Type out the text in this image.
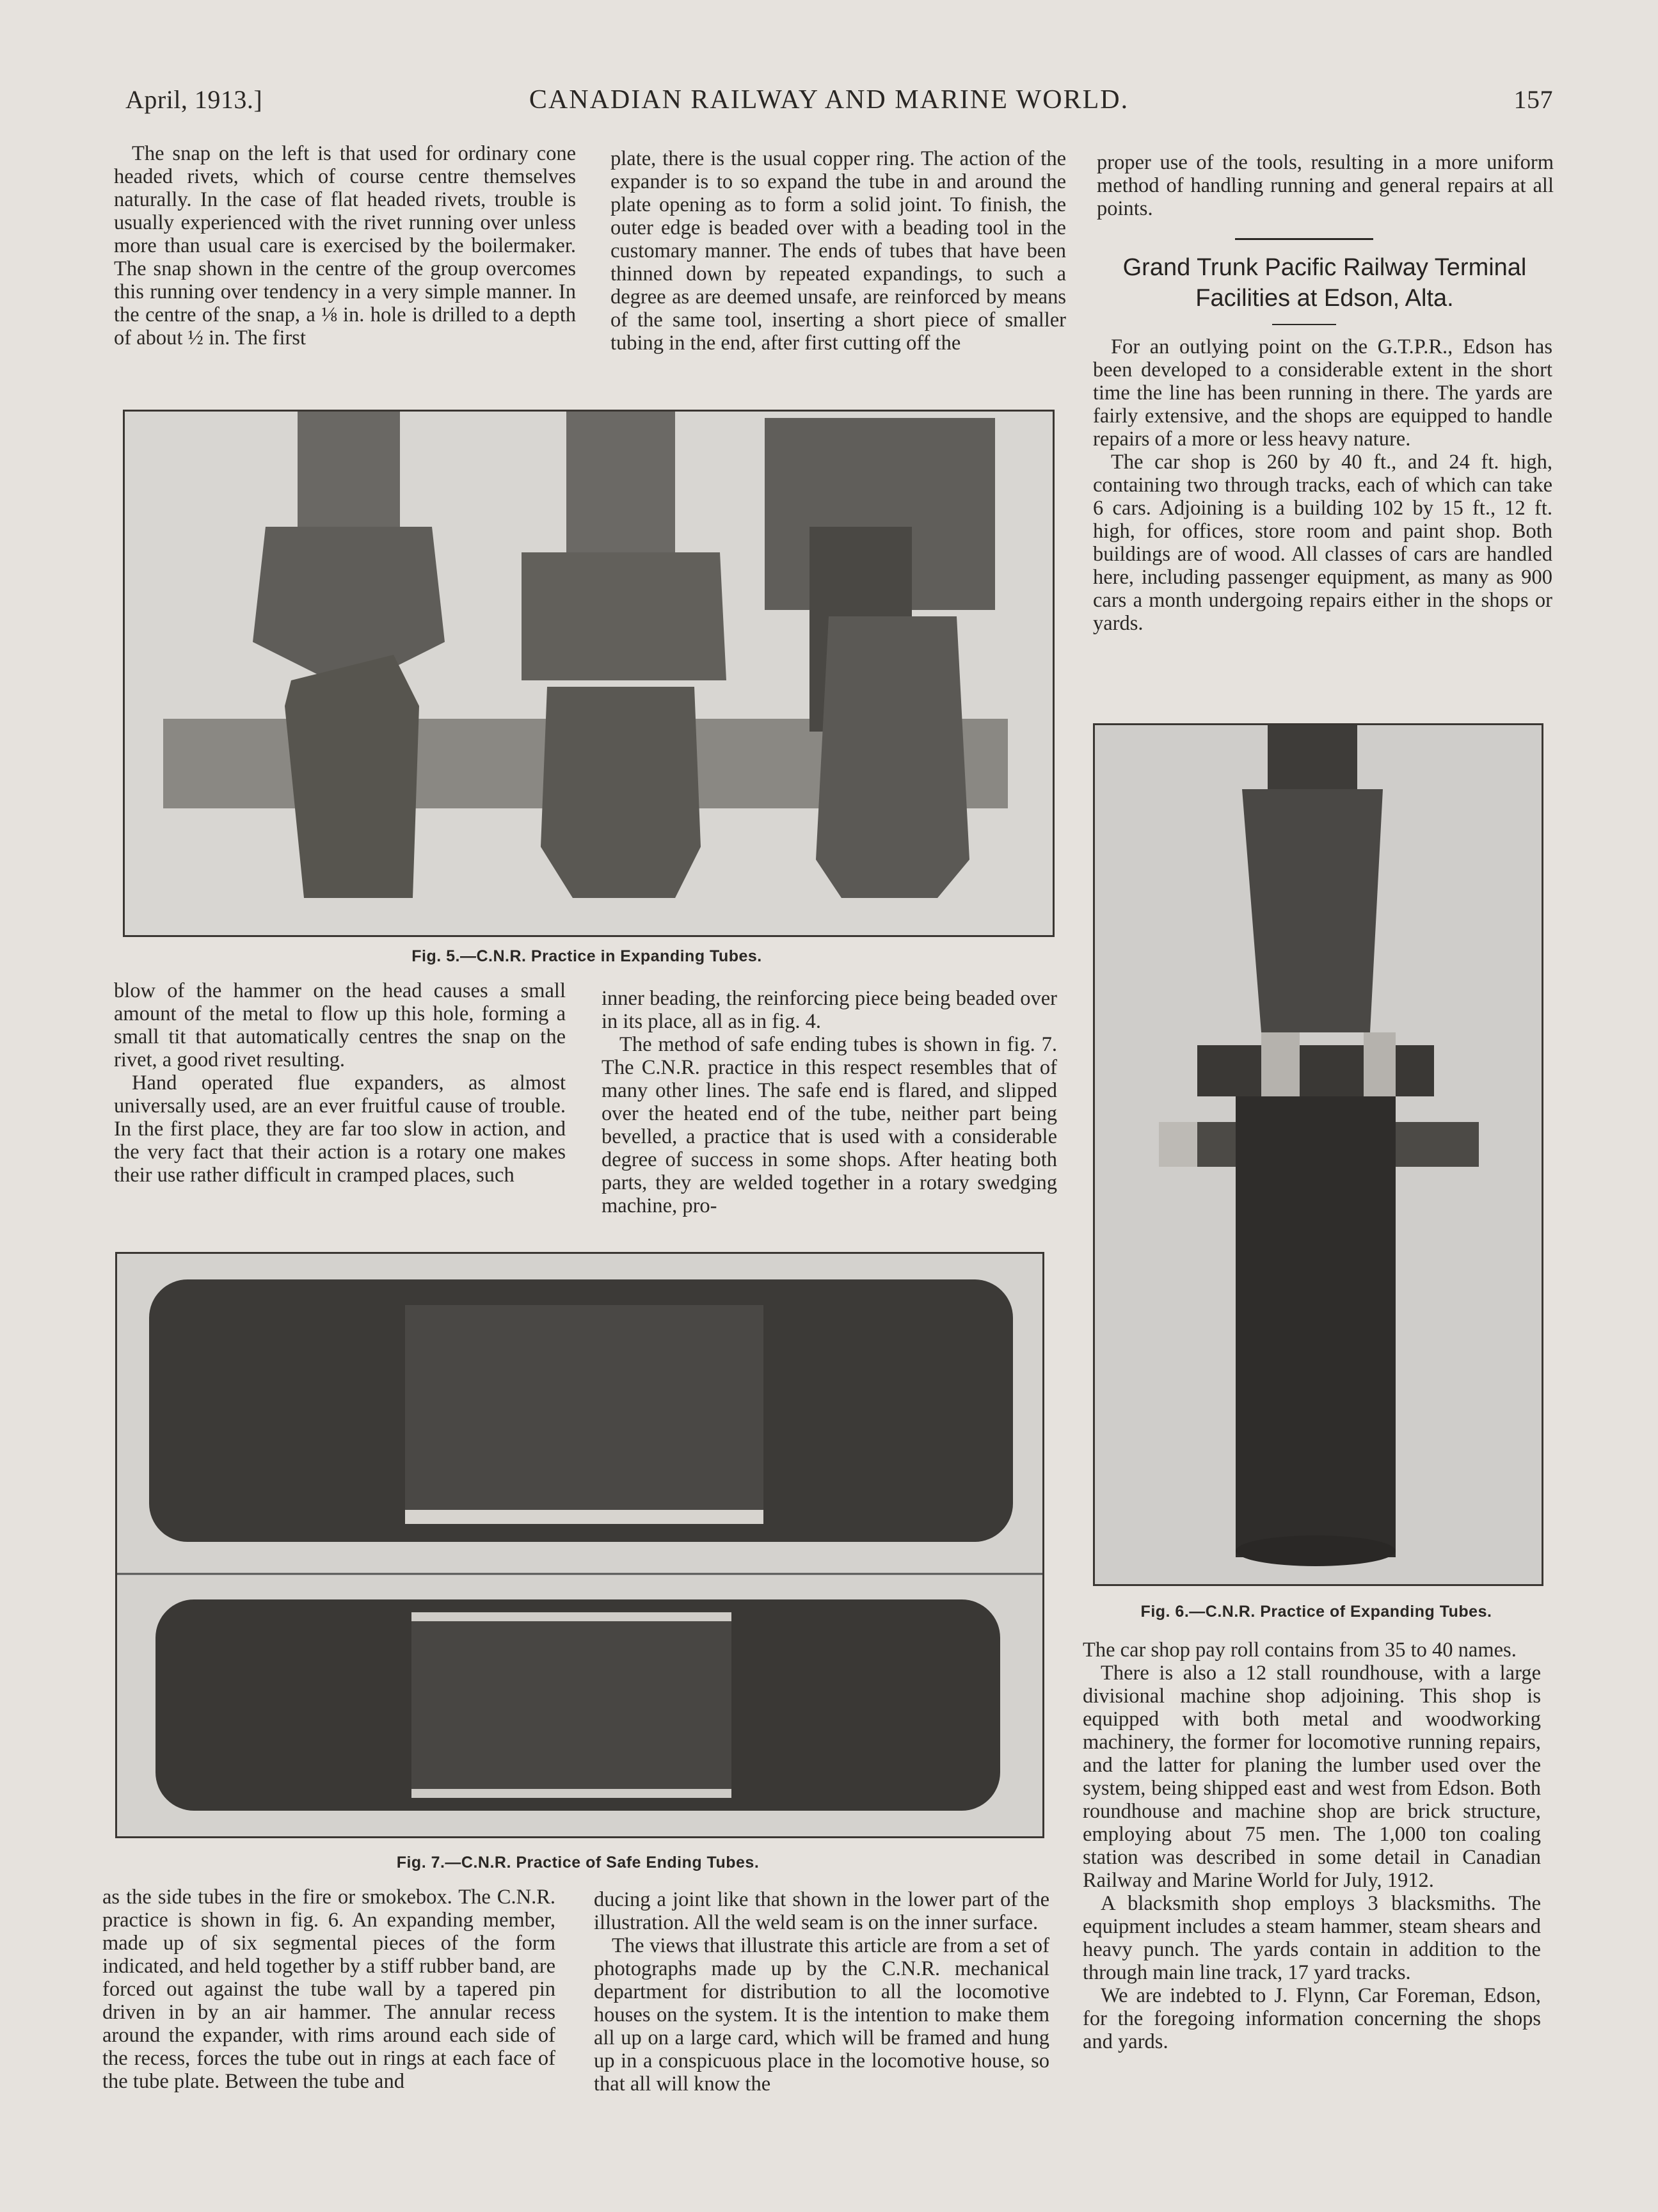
April, 1913.]	CANADIAN RAILWAY AND MARINE WORLD.	157

The snap on the left is that used for ordinary cone headed rivets, which of course centre themselves naturally. In the case of flat headed rivets, trouble is usually experienced with the rivet running over unless more than usual care is exercised by the boilermaker. The snap shown in the centre of the group overcomes this running over tendency in a very simple manner. In the centre of the snap, a ⅛ in. hole is drilled to a depth of about ½ in. The first

plate, there is the usual copper ring. The action of the expander is to so expand the tube in and around the plate opening as to form a solid joint. To finish, the outer edge is beaded over with a beading tool in the customary manner. The ends of tubes that have been thinned down by repeated expandings, to such a degree as are deemed unsafe, are reinforced by means of the same tool, inserting a short piece of smaller tubing in the end, after first cutting off the

proper use of the tools, resulting in a more uniform method of handling running and general repairs at all points.

Grand Trunk Pacific Railway Terminal Facilities at Edson, Alta.

For an outlying point on the G.T.P.R., Edson has been developed to a considerable extent in the short time the line has been running in there. The yards are fairly extensive, and the shops are equipped to handle repairs of a more or less heavy nature.

The car shop is 260 by 40 ft., and 24 ft. high, containing two through tracks, each of which can take 6 cars. Adjoining is a building 102 by 15 ft., 12 ft. high, for offices, store room and paint shop. Both buildings are of wood. All classes of cars are handled here, including passenger equipment, as many as 900 cars a month undergoing repairs either in the shops or yards.

Fig. 5.—C.N.R. Practice in Expanding Tubes.
Fig. 6.—C.N.R. Practice of Expanding Tubes.

blow of the hammer on the head causes a small amount of the metal to flow up this hole, forming a small tit that automatically centres the snap on the rivet, a good rivet resulting.

Hand operated flue expanders, as almost universally used, are an ever fruitful cause of trouble. In the first place, they are far too slow in action, and the very fact that their action is a rotary one makes their use rather difficult in cramped places, such

inner beading, the reinforcing piece being beaded over in its place, all as in fig. 4.

The method of safe ending tubes is shown in fig. 7. The C.N.R. practice in this respect resembles that of many other lines. The safe end is flared, and slipped over the heated end of the tube, neither part being bevelled, a practice that is used with a considerable degree of success in some shops. After heating both parts, they are welded together in a rotary swedging machine, pro-

Fig. 7.—C.N.R. Practice of Safe Ending Tubes.

The car shop pay roll contains from 35 to 40 names.

There is also a 12 stall roundhouse, with a large divisional machine shop adjoining. This shop is equipped with both metal and woodworking machinery, the former for locomotive running repairs, and the latter for planing the lumber used over the system, being shipped east and west from Edson. Both roundhouse and machine shop are brick structure, employing about 75 men. The 1,000 ton coaling station was described in some detail in Canadian Railway and Marine World for July, 1912.

A blacksmith shop employs 3 blacksmiths. The equipment includes a steam hammer, steam shears and heavy punch. The yards contain in addition to the through main line track, 17 yard tracks.

We are indebted to J. Flynn, Car Foreman, Edson, for the foregoing information concerning the shops and yards.

as the side tubes in the fire or smokebox. The C.N.R. practice is shown in fig. 6. An expanding member, made up of six segmental pieces of the form indicated, and held together by a stiff rubber band, are forced out against the tube wall by a tapered pin driven in by an air hammer. The annular recess around the expander, with rims around each side of the recess, forces the tube out in rings at each face of the tube plate. Between the tube and

ducing a joint like that shown in the lower part of the illustration. All the weld seam is on the inner surface.

The views that illustrate this article are from a set of photographs made up by the C.N.R. mechanical department for distribution to all the locomotive houses on the system. It is the intention to make them all up on a large card, which will be framed and hung up in a conspicuous place in the locomotive house, so that all will know the
